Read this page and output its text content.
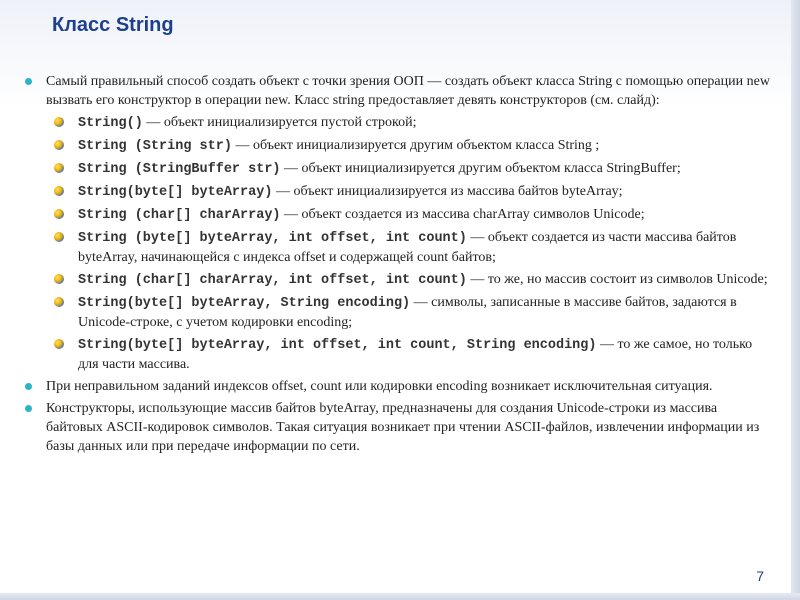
Класс String
Самый правильный способ создать объект с точки зрения ООП — создать объект класса String с помощью операции new вызвать его конструктор в операции new. Класс string предоставляет девять конструкторов (см. слайд):
String() — объект инициализируется пустой строкой;
String (String str) — объект инициализируется другим объектом класса String ;
String (StringBuffer str) — объект инициализируется другим объектом класса StringBuffer;
String(byte[] byteArray) — объект инициализируется из массива байтов byteArray;
String (char[] charArray) — объект создается из массива charArray символов Unicode;
String (byte[] byteArray, int offset, int count) — объект создается из части массива байтов byteArray, начинающейся с индекса offset и содержащей count байтов;
String (char[] charArray, int offset, int count) — то же, но массив состоит из символов Unicode;
String(byte[] byteArray, String encoding) — символы, записанные в массиве байтов, задаются в Unicode-строке, с учетом кодировки encoding;
String(byte[] byteArray, int offset, int count, String encoding) — то же самое, но только для части массива.
При неправильном заданий индексов offset, count или кодировки encoding возникает исключительная ситуация.
Конструкторы, использующие массив байтов byteArray, предназначены для создания Unicode-строки из массива байтовых ASCII-кодировок символов. Такая ситуация возникает при чтении ASCII-файлов, извлечении информации из базы данных или при передаче информации по сети.
7
